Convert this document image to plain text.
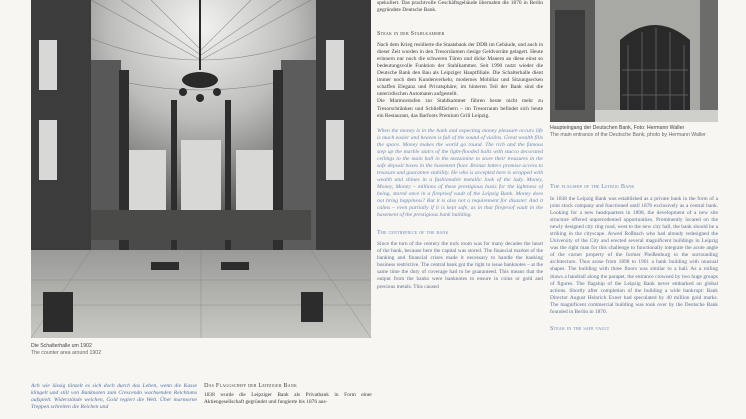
Die Schalterhalle um 1902
The counter area around 1902
Ach wie lässig tänzelt es sich doch durch das Leben, wenn die Kasse klingelt und still von Banknoten zum Crescendo wachsenden Reichtums aufspielt. Widerstände weichen, Gold regiert die Welt. Über marmorne Treppen schreiten die Reichen und
Das Flaggschiff der Leipziger Bank
1838 wurde die Leipziger Bank als Privatbank in Form einer Aktiengesellschaft gegründet und fungierte bis 1876 aus-
spekuliert. Das prachtvolle Geschäftsgebäude übernahm die 1870 in Berlin gegründete Deutsche Bank.
Steak in der Stahlkammer
Nach dem Krieg residierte die Staatsbank der DDR im Gebäude, und auch in dieser Zeit wurden in den Tresorräumen riesige Geldvorräte gelagert. Heute erinnern nur noch die schweren Türen und dicke Mauern an diese einst so bedeutungsvolle Funktion der Stahlkammer. Seit 1990 nutzt wieder die Deutsche Bank den Bau als Leipziger Hauptfiliale. Die Schalterhalle dient immer noch dem Kundenverkehr, modernes Mobiliar und Sitzungsecken schaffen Eleganz und Privatsphäre; im hinteren Teil der Bank sind die unterirdischen Automaten aufgestellt.
Die Marmorstufen zur Stahlkammer führen heute nicht mehr zu Tresorschränken und Schließfächern – im Tresorraum befindet sich heute ein Restaurant, das Barfoots Premium Grill Leipzig.
When the money is in the bank and expecting money pleasure occurs life is much easier and heaven is full of the sound of violins. Great wealth fills the space. Money makes the world go round. The rich and the famous step up the marble stairs of the light-flooded halls with stucco decorated ceilings to the main hall in the mezzanine to store their treasures in the safe deposit boxes in the basement floor. Bronze letters promise access to treasure and guarantee stability. He who is accepted here is wrapped with wealth and shines in a fashionable metallic look of the lady. Money, Money, Money – millions of these prestigious basis for the lightness of being, stored once in a fireproof vault of the Leipzig Bank. Money does not bring happiness? But it is also not a requirement for disaster. And it calms – even partially if it is kept safe, as in that fireproof vault in the basement of the prestigious bank building.
The centrepiece of the bank
Since the turn of the century the tuck room was for many decades the heart of the bank, because here the capital was stored. The financial market of the banking and financial crises made it necessary to handle the banking business restrictive. The central bank got the right to issue banknotes – at the same time the duty of coverage had to be guaranteed. This means that the output from the banks were banknotes to ensure in coins or gold and precious metals. This caused
Haupteingang der Deutschen Bank, Foto: Hermann Waller
The main entrance of the Deutsche Bank, photo by Hermann Waller
The flagship of the Leipzig Bank
In 1838 the Leipzig Bank was established as a private bank in the form of a joint stock company and functioned until 1876 exclusively as a central bank. Looking for a new headquarters in 1898, the development of a new site structure offered unprecedented opportunities. Prominently located on the newly designed city ring road, west to the new city hall, the bank should be a striking in the cityscape. Arwed Roßbach who had already redesigned the University of the City and erected several magnificent buildings in Leipzig was the right man for this challenge to functionally integrate the acute angle of the corner property of the former Pleißenburg to the surrounding architecture. Thus arose from 1898 to 1901 a bank building with unusual shapes. The building with three floors was similar to a hall. As a rolling draws a handrail along the parapet, the entrance crowned by two huge groups of figures. The flagship of the Leipzig Bank never embarked on global actions. Shortly after completion of the building a wide bankrupt: Bank Director August Heinrich Exner had speculated by 40 million gold marks. The magnificent commercial building was took over by the Deutsche Bank founded in Berlin in 1870.
Steak in the safe vault
